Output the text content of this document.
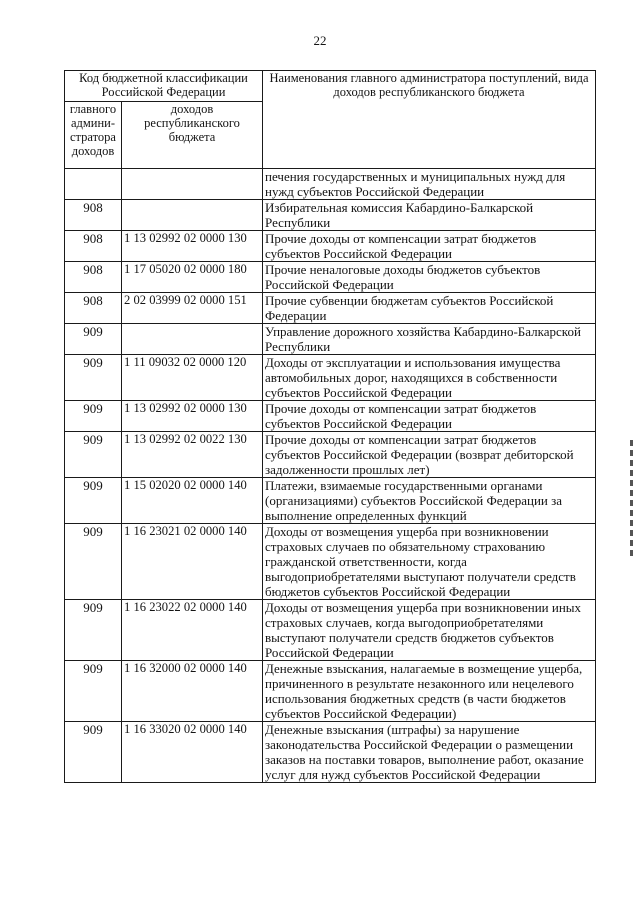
22
Код бюджетной классификации Российской Федерации		Наименования главного администратора поступлений, вида доходов республиканского бюджета
главного админи-стратора доходов	доходов республиканского бюджета	
		печения государственных и муниципальных нужд для нужд субъектов Российской Федерации
908		Избирательная комиссия Кабардино-Балкарской Республики
908	1 13 02992 02 0000 130	Прочие доходы от компенсации затрат бюджетов субъектов Российской Федерации
908	1 17 05020 02 0000 180	Прочие неналоговые доходы бюджетов субъектов Российской Федерации
908	2 02 03999 02 0000 151	Прочие субвенции бюджетам субъектов Российской Федерации
909		Управление дорожного хозяйства Кабардино-Балкарской Республики
909	1 11 09032 02 0000 120	Доходы от эксплуатации и использования имущества автомобильных дорог, находящихся в собственности субъектов Российской Федерации
909	1 13 02992 02 0000 130	Прочие доходы от компенсации затрат бюджетов субъектов Российской Федерации
909	1 13 02992 02 0022 130	Прочие доходы от компенсации затрат бюджетов субъектов Российской Федерации (возврат дебиторской задолженности прошлых лет)
909	1 15 02020 02 0000 140	Платежи, взимаемые государственными органами (организациями) субъектов Российской Федерации за выполнение определенных функций
909	1 16 23021 02 0000 140	Доходы от возмещения ущерба при возникновении страховых случаев по обязательному страхованию гражданской ответственности, когда выгодоприобретателями выступают получатели средств бюджетов субъектов Российской Федерации
909	1 16 23022 02 0000 140	Доходы от возмещения ущерба при возникновении иных страховых случаев, когда выгодоприобретателями выступают получатели средств бюджетов субъектов Российской Федерации
909	1 16 32000 02 0000 140	Денежные взыскания, налагаемые в возмещение ущерба, причиненного в результате незаконного или нецелевого использования бюджетных средств (в части бюджетов субъектов Российской Федерации)
909	1 16 33020 02 0000 140	Денежные взыскания (штрафы) за нарушение законодательства Российской Федерации о размещении заказов на поставки товаров, выполнение работ, оказание услуг для нужд субъектов Российской Федерации
